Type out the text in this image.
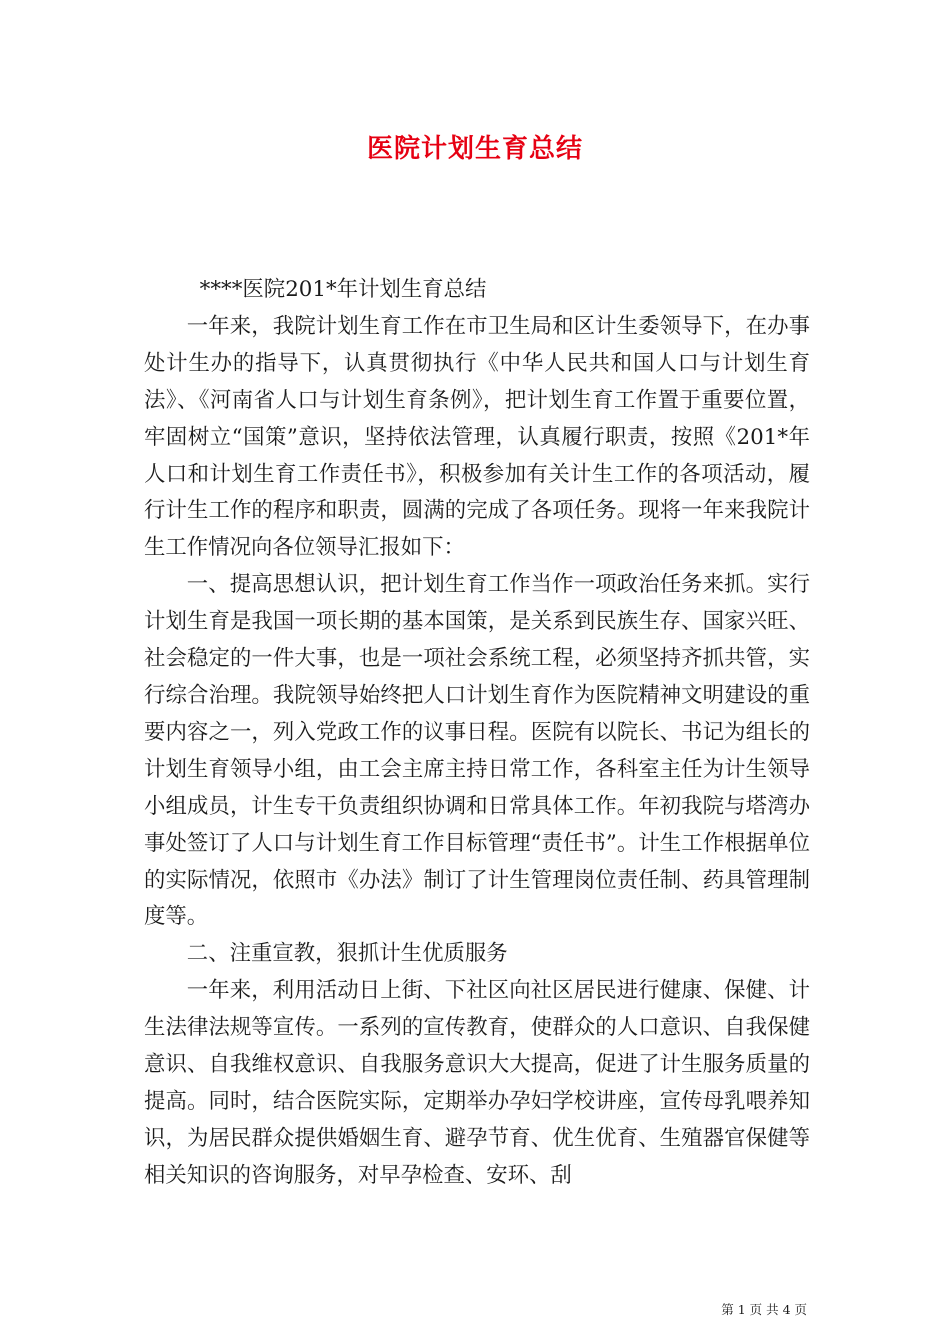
医院计划生育总结

****医院201*年计划生育总结

一年来，我院计划生育工作在市卫生局和区计生委领导下，在办事处计生办的指导下，认真贯彻执行《中华人民共和国人口与计划生育法》、《河南省人口与计划生育条例》，把计划生育工作置于重要位置，牢固树立“国策”意识，坚持依法管理，认真履行职责，按照《201*年人口和计划生育工作责任书》，积极参加有关计生工作的各项活动，履行计生工作的程序和职责，圆满的完成了各项任务。现将一年来我院计生工作情况向各位领导汇报如下：

一、提高思想认识，把计划生育工作当作一项政治任务来抓。实行计划生育是我国一项长期的基本国策，是关系到民族生存、国家兴旺、社会稳定的一件大事，也是一项社会系统工程，必须坚持齐抓共管，实行综合治理。我院领导始终把人口计划生育作为医院精神文明建设的重要内容之一，列入党政工作的议事日程。医院有以院长、书记为组长的计划生育领导小组，由工会主席主持日常工作，各科室主任为计生领导小组成员，计生专干负责组织协调和日常具体工作。年初我院与塔湾办事处签订了人口与计划生育工作目标管理“责任书”。计生工作根据单位的实际情况，依照市《办法》制订了计生管理岗位责任制、药具管理制度等。

二、注重宣教，狠抓计生优质服务

一年来，利用活动日上街、下社区向社区居民进行健康、保健、计生法律法规等宣传。一系列的宣传教育，使群众的人口意识、自我保健意识、自我维权意识、自我服务意识大大提高，促进了计生服务质量的提高。同时，结合医院实际，定期举办孕妇学校讲座，宣传母乳喂养知识，为居民群众提供婚姻生育、避孕节育、优生优育、生殖器官保健等相关知识的咨询服务，对早孕检查、安环、刮

第 1 页 共 4 页
